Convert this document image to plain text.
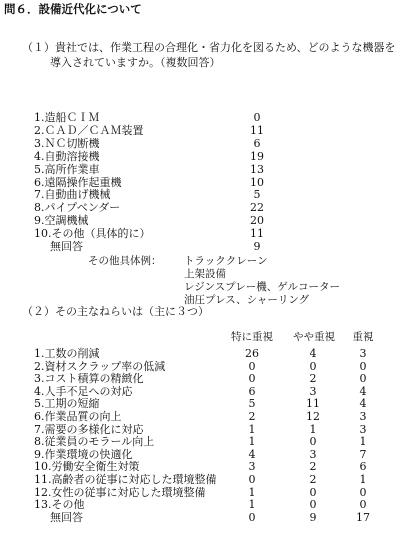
問６．設備近代化について
（１）貴社では、作業工程の合理化・省力化を図るため、どのような機器を
導入されていますか。（複数回答）
1.造船ＣＩＭ	0
2.ＣＡＤ／ＣＡＭ装置	11
3.ＮＣ切断機	6
4.自動溶接機	19
5.高所作業車	13
6.遠隔操作起重機	10
7.自動曲げ機械	5
8.パイプベンダー	22
9.空調機械	20
10.その他（具体的に）	11
無回答	9
その他具体例： トラッククレーン
上架設備
レジンスプレー機、ゲルコーター
油圧プレス、シャーリング
（２）その主なねらいは（主に３つ）
特に重視	やや重視	重視
1.工数の削減	26	4	3
2.資材スクラップ率の低減	0	0	0
3.コスト積算の精緻化	0	2	0
4.人手不足への対応	6	3	4
5.工期の短縮	5	11	4
6.作業品質の向上	2	12	3
7.需要の多様化に対応	1	1	3
8.従業員のモラール向上	1	0	1
9.作業環境の快適化	4	3	7
10.労働安全衛生対策	3	2	6
11.高齢者の従事に対応した環境整備	0	2	1
12.女性の従事に対応した環境整備	1	0	0
13.その他	1	0	0
無回答	0	9	17
